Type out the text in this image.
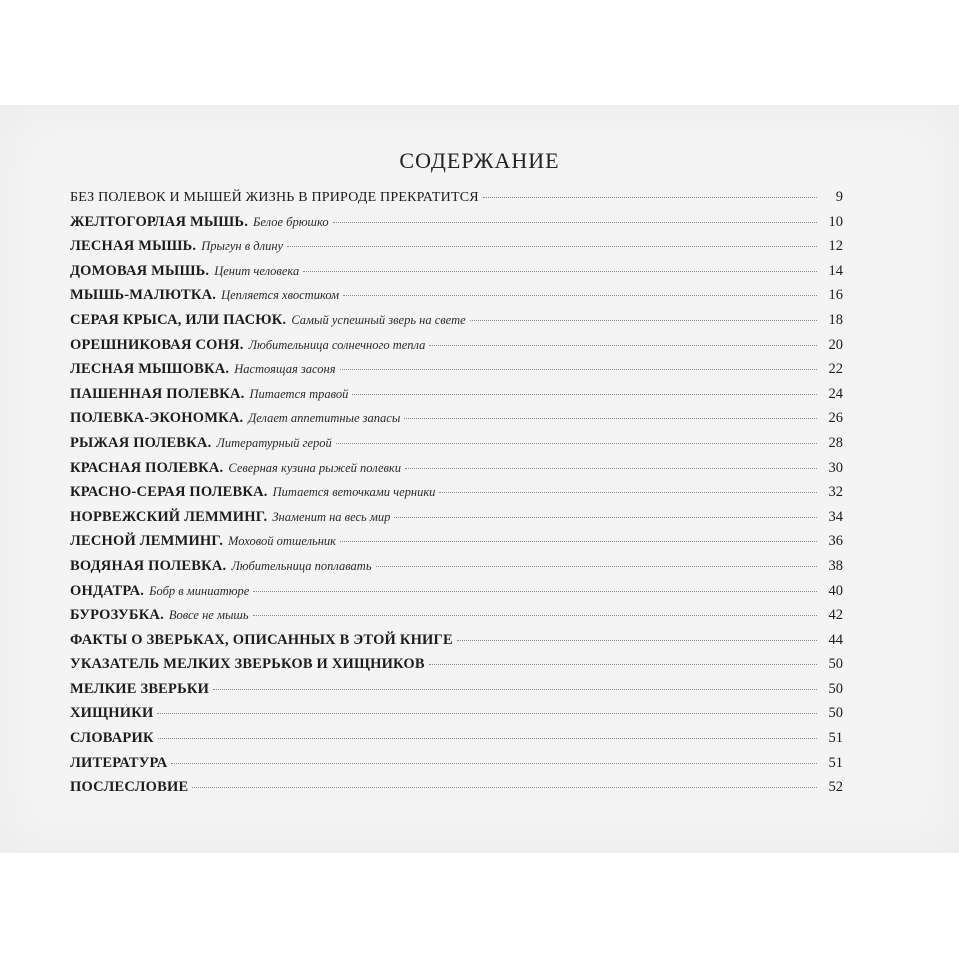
СОДЕРЖАНИЕ
БЕЗ ПОЛЕВОК И МЫШЕЙ ЖИЗНЬ В ПРИРОДЕ ПРЕКРАТИТСЯ	9
ЖЕЛТОГОРЛАЯ МЫШЬ. Белое брюшко	10
ЛЕСНАЯ МЫШЬ. Прыгун в длину	12
ДОМОВАЯ МЫШЬ. Ценит человека	14
МЫШЬ-МАЛЮТКА. Цепляется хвостиком	16
СЕРАЯ КРЫСА, ИЛИ ПАСЮК. Самый успешный зверь на свете	18
ОРЕШНИКОВАЯ СОНЯ. Любительница солнечного тепла	20
ЛЕСНАЯ МЫШОВКА. Настоящая засоня	22
ПАШЕННАЯ ПОЛЕВКА. Питается травой	24
ПОЛЕВКА-ЭКОНОМКА. Делает аппетитные запасы	26
РЫЖАЯ ПОЛЕВКА. Литературный герой	28
КРАСНАЯ ПОЛЕВКА. Северная кузина рыжей полевки	30
КРАСНО-СЕРАЯ ПОЛЕВКА. Питается веточками черники	32
НОРВЕЖСКИЙ ЛЕММИНГ. Знаменит на весь мир	34
ЛЕСНОЙ ЛЕММИНГ. Моховой отшельник	36
ВОДЯНАЯ ПОЛЕВКА. Любительница поплавать	38
ОНДАТРА. Бобр в миниатюре	40
БУРОЗУБКА. Вовсе не мышь	42
ФАКТЫ О ЗВЕРЬКАХ, ОПИСАННЫХ В ЭТОЙ КНИГЕ	44
УКАЗАТЕЛЬ МЕЛКИХ ЗВЕРЬКОВ И ХИЩНИКОВ	50
МЕЛКИЕ ЗВЕРЬКИ	50
ХИЩНИКИ	50
СЛОВАРИК	51
ЛИТЕРАТУРА	51
ПОСЛЕСЛОВИЕ	52
